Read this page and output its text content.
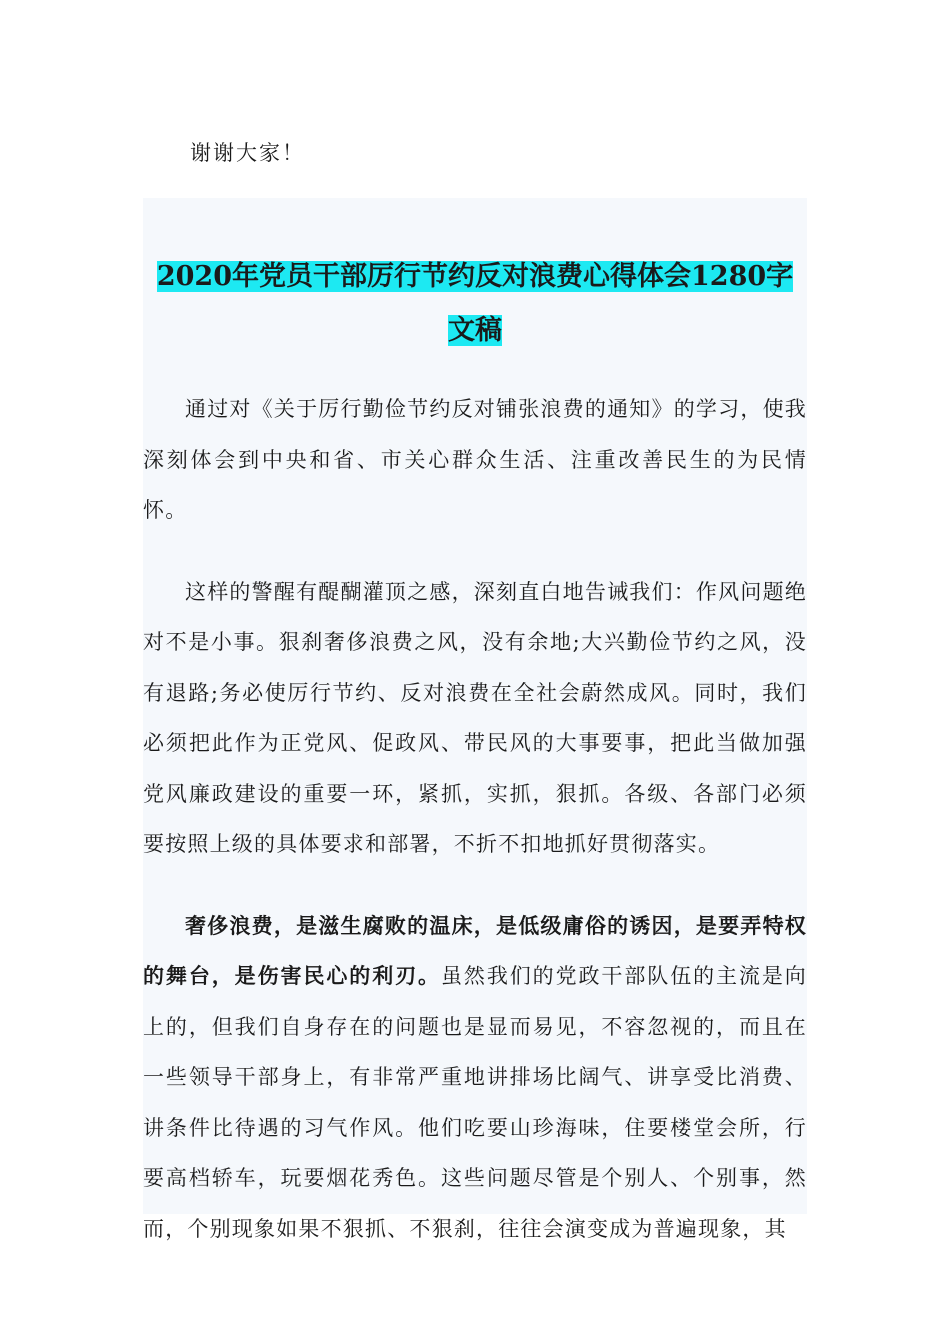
谢谢大家！
2020年党员干部厉行节约反对浪费心得体会1280字
文稿

通过对《关于厉行勤俭节约反对铺张浪费的通知》的学习，使我深刻体会到中央和省、市关心群众生活、注重改善民生的为民情怀。

这样的警醒有醍醐灌顶之感，深刻直白地告诫我们：作风问题绝对不是小事。狠刹奢侈浪费之风，没有余地;大兴勤俭节约之风，没有退路;务必使厉行节约、反对浪费在全社会蔚然成风。同时，我们必须把此作为正党风、促政风、带民风的大事要事，把此当做加强党风廉政建设的重要一环，紧抓，实抓，狠抓。各级、各部门必须要按照上级的具体要求和部署，不折不扣地抓好贯彻落实。

奢侈浪费，是滋生腐败的温床，是低级庸俗的诱因，是要弄特权的舞台，是伤害民心的利刃。虽然我们的党政干部队伍的主流是向上的，但我们自身存在的问题也是显而易见，不容忽视的，而且在一些领导干部身上，有非常严重地讲排场比阔气、讲享受比消费、讲条件比待遇的习气作风。他们吃要山珍海味，住要楼堂会所，行要高档轿车，玩要烟花秀色。这些问题尽管是个别人、个别事，然而，个别现象如果不狠抓、不狠刹，往往会演变成为普遍现象，其
